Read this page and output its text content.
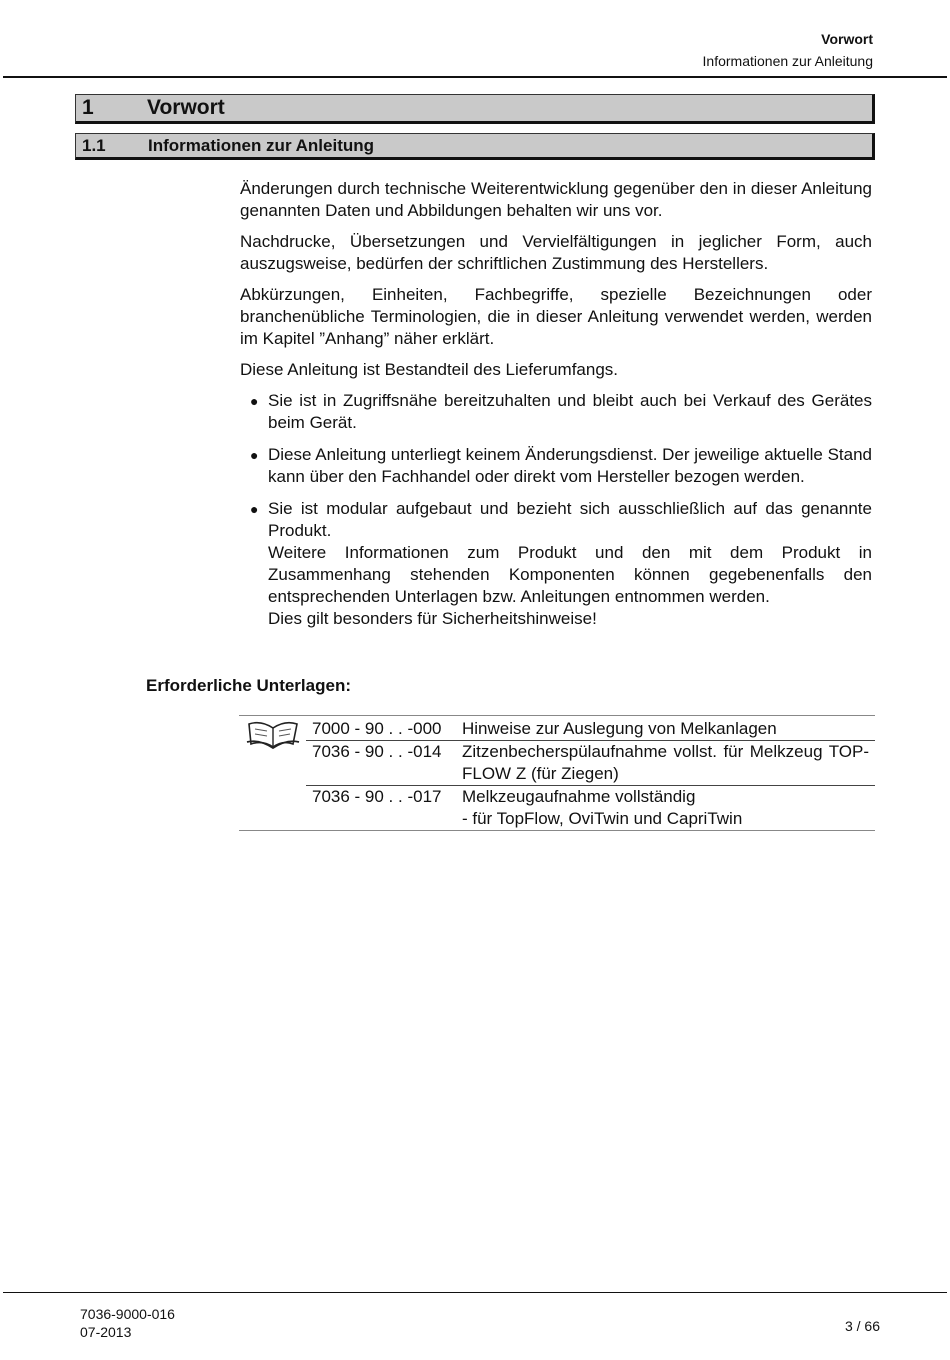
Vorwort
Informationen zur Anleitung
1	Vorwort
1.1	Informationen zur Anleitung

Änderungen durch technische Weiterentwicklung gegenüber den in dieser Anleitung genannten Daten und Abbildungen behalten wir uns vor.

Nachdrucke, Übersetzungen und Vervielfältigungen in jeglicher Form, auch auszugsweise, bedürfen der schriftlichen Zustimmung des Herstellers.

Abkürzungen, Einheiten, Fachbegriffe, spezielle Bezeichnungen oder branchenübliche Terminologien, die in dieser Anleitung verwendet werden, werden im Kapitel ”Anhang” näher erklärt.

Diese Anleitung ist Bestandteil des Lieferumfangs.

● Sie ist in Zugriffsnähe bereitzuhalten und bleibt auch bei Verkauf des Gerätes beim Gerät.
● Diese Anleitung unterliegt keinem Änderungsdienst. Der jeweilige aktuelle Stand kann über den Fachhandel oder direkt vom Hersteller bezogen werden.
● Sie ist modular aufgebaut und bezieht sich ausschließlich auf das genannte Produkt.
Weitere Informationen zum Produkt und den mit dem Produkt in Zusammenhang stehenden Komponenten können gegebenenfalls den entsprechenden Unterlagen bzw. Anleitungen entnommen werden.
Dies gilt besonders für Sicherheitshinweise!
Erforderliche Unterlagen:
7000 - 90 . . -000	Hinweise zur Auslegung von Melkanlagen
7036 - 90 . . -014	Zitzenbecherspülaufnahme vollst. für Melkzeug TOP-FLOW Z (für Ziegen)
7036 - 90 . . -017	Melkzeugaufnahme vollständig
- für TopFlow, OviTwin und CapriTwin
7036-9000-016
07-2013	3 / 66
